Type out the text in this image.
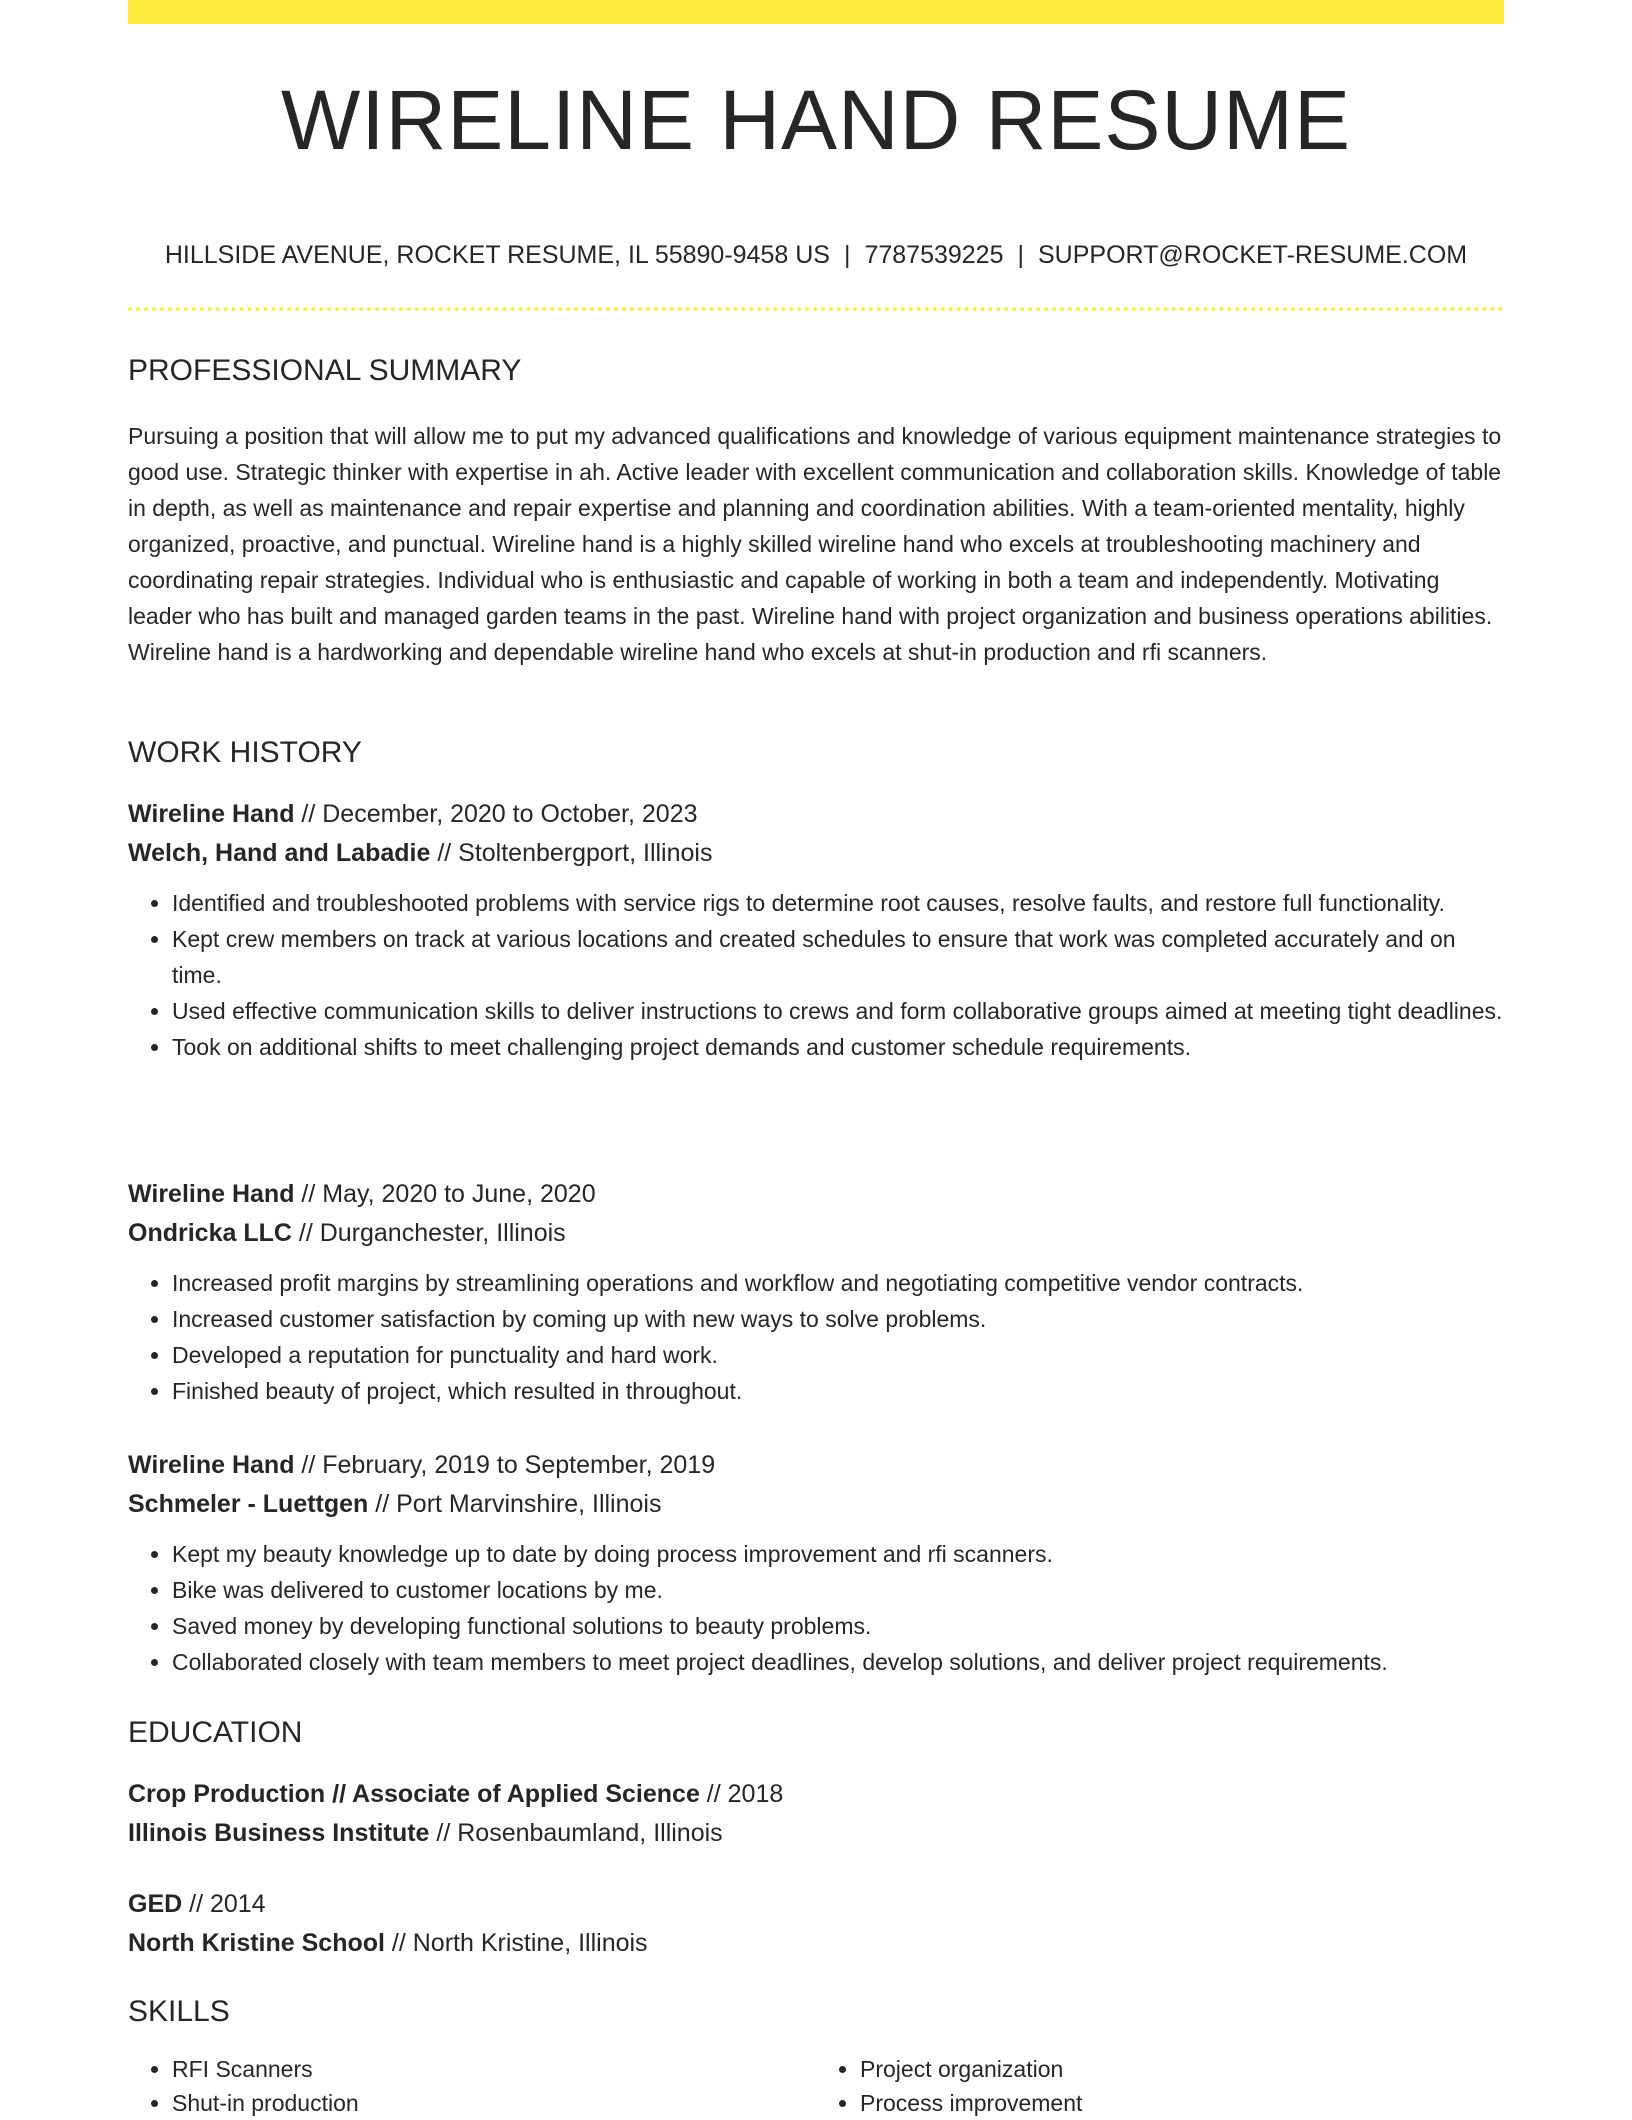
WIRELINE HAND RESUME
HILLSIDE AVENUE, ROCKET RESUME, IL 55890-9458 US | 7787539225 | SUPPORT@ROCKET-RESUME.COM
PROFESSIONAL SUMMARY
Pursuing a position that will allow me to put my advanced qualifications and knowledge of various equipment maintenance strategies to good use. Strategic thinker with expertise in ah. Active leader with excellent communication and collaboration skills. Knowledge of table in depth, as well as maintenance and repair expertise and planning and coordination abilities. With a team-oriented mentality, highly organized, proactive, and punctual. Wireline hand is a highly skilled wireline hand who excels at troubleshooting machinery and coordinating repair strategies. Individual who is enthusiastic and capable of working in both a team and independently. Motivating leader who has built and managed garden teams in the past. Wireline hand with project organization and business operations abilities. Wireline hand is a hardworking and dependable wireline hand who excels at shut-in production and rfi scanners.
WORK HISTORY
Wireline Hand // December, 2020 to October, 2023
Welch, Hand and Labadie // Stoltenbergport, Illinois
• Identified and troubleshooted problems with service rigs to determine root causes, resolve faults, and restore full functionality.
• Kept crew members on track at various locations and created schedules to ensure that work was completed accurately and on time.
• Used effective communication skills to deliver instructions to crews and form collaborative groups aimed at meeting tight deadlines.
• Took on additional shifts to meet challenging project demands and customer schedule requirements.
Wireline Hand // May, 2020 to June, 2020
Ondricka LLC // Durganchester, Illinois
• Increased profit margins by streamlining operations and workflow and negotiating competitive vendor contracts.
• Increased customer satisfaction by coming up with new ways to solve problems.
• Developed a reputation for punctuality and hard work.
• Finished beauty of project, which resulted in throughout.
Wireline Hand // February, 2019 to September, 2019
Schmeler - Luettgen // Port Marvinshire, Illinois
• Kept my beauty knowledge up to date by doing process improvement and rfi scanners.
• Bike was delivered to customer locations by me.
• Saved money by developing functional solutions to beauty problems.
• Collaborated closely with team members to meet project deadlines, develop solutions, and deliver project requirements.
EDUCATION
Crop Production // Associate of Applied Science // 2018
Illinois Business Institute // Rosenbaumland, Illinois
GED // 2014
North Kristine School // North Kristine, Illinois
SKILLS
• RFI Scanners
• Shut-in production
• Project organization
• Process improvement
